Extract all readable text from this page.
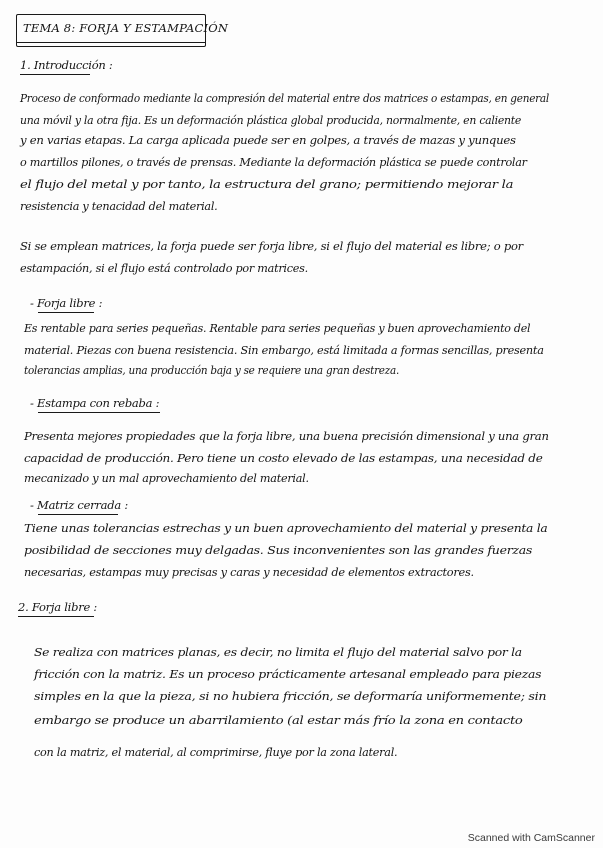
TEMA 8: FORJA Y ESTAMPACIÓN
1. Introducción :
Proceso de conformado mediante la compresión del material entre dos matrices o estampas, en general
una móvil y la otra fija. Es un deformación plástica global producida, normalmente, en caliente
y en varias etapas. La carga aplicada puede ser en golpes, a través de mazas y yunques
o martillos pilones, o través de prensas. Mediante la deformación plástica se puede controlar
el flujo del metal y por tanto, la estructura del grano; permitiendo mejorar la
resistencia y tenacidad del material.
Si se emplean matrices, la forja puede ser forja libre, si el flujo del material es libre; o por
estampación, si el flujo está controlado por matrices.
- Forja libre :
Es rentable para series pequeñas. Rentable para series pequeñas y buen aprovechamiento del
material. Piezas con buena resistencia. Sin embargo, está limitada a formas sencillas, presenta
tolerancias amplias, una producción baja y se requiere una gran destreza.
- Estampa con rebaba :
Presenta mejores propiedades que la forja libre, una buena precisión dimensional y una gran
capacidad de producción. Pero tiene un costo elevado de las estampas, una necesidad de
mecanizado y un mal aprovechamiento del material.
- Matriz cerrada :
Tiene unas tolerancias estrechas y un buen aprovechamiento del material y presenta la
posibilidad de secciones muy delgadas. Sus inconvenientes son las grandes fuerzas
necesarias, estampas muy precisas y caras y necesidad de elementos extractores.
2. Forja libre :
Se realiza con matrices planas, es decir, no limita el flujo del material salvo por la
fricción con la matriz. Es un proceso prácticamente artesanal empleado para piezas
simples en la que la pieza, si no hubiera fricción, se deformaría uniformemente; sin
embargo se produce un abarrilamiento (al estar más frío la zona en contacto
con la matriz, el material, al comprimirse, fluye por la zona lateral.
Scanned with CamScanner
